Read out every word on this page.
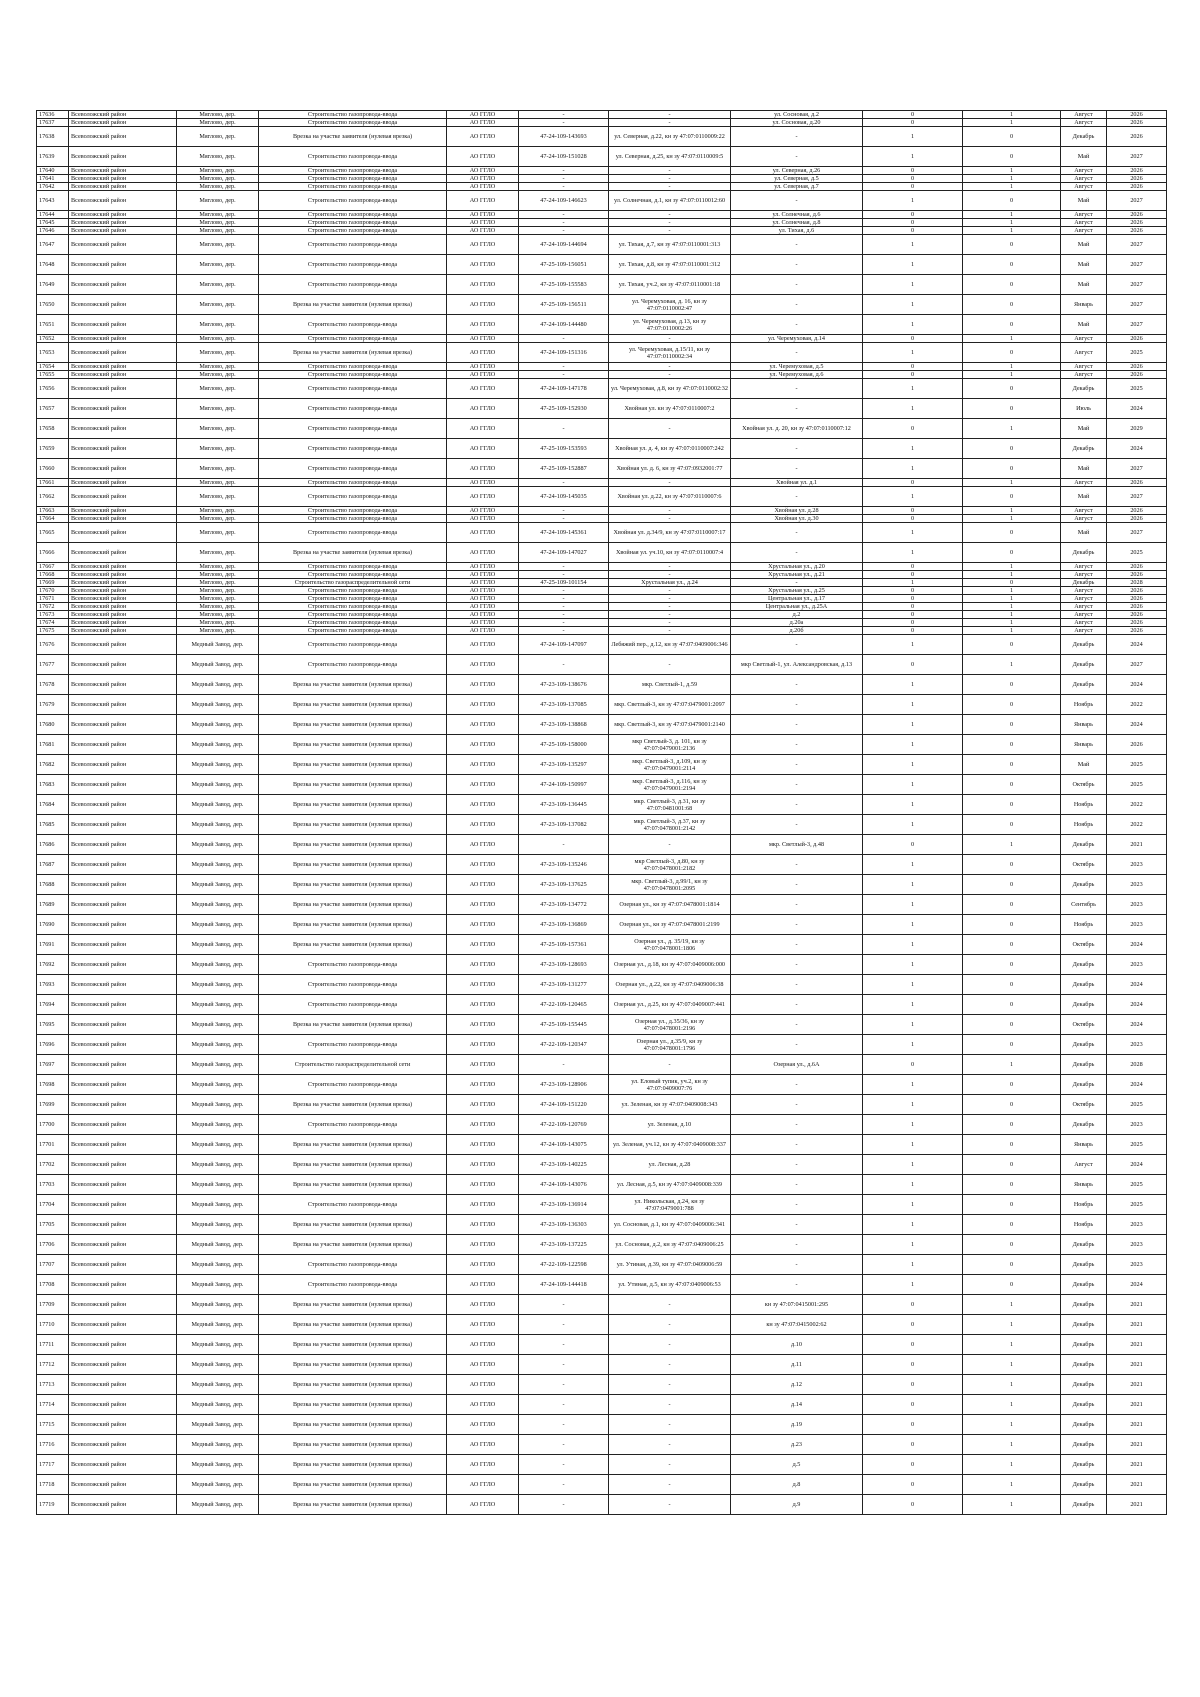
17636	Всеволожский район	Мяглово, дер.	Строительство газопровода-ввода	АО ГГЛО	-	-	ул. Сосновая, д.2	0	1	Август	2026
17637	Всеволожский район	Мяглово, дер.	Строительство газопровода-ввода	АО ГГЛО	-	-	ул. Сосновая, д.20	0	1	Август	2026
17638	Всеволожский район	Мяглово, дер.	Врезка на участке заявителя (нулевая врезка)	АО ГГЛО	47-24-109-143693	ул. Северная, д.22, кн зу 47:07:0110009:22	-	1	0	Декабрь	2026
17639	Всеволожский район	Мяглово, дер.	Строительство газопровода-ввода	АО ГГЛО	47-24-109-151028	ул. Северная, д.25, кн зу 47:07:0110009:5	-	1	0	Май	2027
17640	Всеволожский район	Мяглово, дер.	Строительство газопровода-ввода	АО ГГЛО	-	-	ул. Северная, д.26	0	1	Август	2026
17641	Всеволожский район	Мяглово, дер.	Строительство газопровода-ввода	АО ГГЛО	-	-	ул. Северная, д.5	0	1	Август	2026
17642	Всеволожский район	Мяглово, дер.	Строительство газопровода-ввода	АО ГГЛО	-	-	ул. Северная, д.7	0	1	Август	2026
17643	Всеволожский район	Мяглово, дер.	Строительство газопровода-ввода	АО ГГЛО	47-24-109-146623	ул. Солнечная, д.1, кн зу 47:07:0110012:60	-	1	0	Май	2027
17644	Всеволожский район	Мяглово, дер.	Строительство газопровода-ввода	АО ГГЛО	-	-	ул. Солнечная, д.6	0	1	Август	2026
17645	Всеволожский район	Мяглово, дер.	Строительство газопровода-ввода	АО ГГЛО	-	-	ул. Солнечная, д.8	0	1	Август	2026
17646	Всеволожский район	Мяглово, дер.	Строительство газопровода-ввода	АО ГГЛО	-	-	ул. Тихая, д.6	0	1	Август	2026
17647	Всеволожский район	Мяглово, дер.	Строительство газопровода-ввода	АО ГГЛО	47-24-109-144694	ул. Тихая, д.7, кн зу 47:07:0110001:313	-	1	0	Май	2027
17648	Всеволожский район	Мяглово, дер.	Строительство газопровода-ввода	АО ГГЛО	47-25-109-156051	ул. Тихая, д.8, кн зу 47:07:0110001:312	-	1	0	Май	2027
17649	Всеволожский район	Мяглово, дер.	Строительство газопровода-ввода	АО ГГЛО	47-25-109-155583	ул. Тихая, уч.2, кн зу 47:07:0110001:18	-	1	0	Май	2027
17650	Всеволожский район	Мяглово, дер.	Врезка на участке заявителя (нулевая врезка)	АО ГГЛО	47-25-109-156511	ул. Черемуховая, д. 16, кн зу 47:07:0110002:47	-	1	0	Январь	2027
17651	Всеволожский район	Мяглово, дер.	Строительство газопровода-ввода	АО ГГЛО	47-24-109-144480	ул. Черемуховая, д.13, кн зу 47:07:0110002:26	-	1	0	Май	2027
17652	Всеволожский район	Мяглово, дер.	Строительство газопровода-ввода	АО ГГЛО	-	-	ул. Черемуховая, д.14	0	1	Август	2026
17653	Всеволожский район	Мяглово, дер.	Врезка на участке заявителя (нулевая врезка)	АО ГГЛО	47-24-109-151316	ул. Черемуховая, д.15/11, кн зу 47:07:0110002:34	-	1	0	Август	2025
17654	Всеволожский район	Мяглово, дер.	Строительство газопровода-ввода	АО ГГЛО	-	-	ул. Черемуховая, д.5	0	1	Август	2026
17655	Всеволожский район	Мяглово, дер.	Строительство газопровода-ввода	АО ГГЛО	-	-	ул. Черемуховая, д.6	0	1	Август	2026
17656	Всеволожский район	Мяглово, дер.	Строительство газопровода-ввода	АО ГГЛО	47-24-109-147178	ул. Черемуховая, д.8, кн зу 47:07:0110002:32	-	1	0	Декабрь	2025
17657	Всеволожский район	Мяглово, дер.	Строительство газопровода-ввода	АО ГГЛО	47-25-109-152930	Хвойная ул. кн зу 47:07:0110007:2	-	1	0	Июль	2024
17658	Всеволожский район	Мяглово, дер.	Строительство газопровода-ввода	АО ГГЛО	-	-	Хвойная ул. д. 20, кн зу 47:07:0110007:12	0	1	Май	2029
17659	Всеволожский район	Мяглово, дер.	Строительство газопровода-ввода	АО ГГЛО	47-25-109-153593	Хвойная ул. д. 4, кн зу 47:07:0110007:242	-	1	0	Декабрь	2024
17660	Всеволожский район	Мяглово, дер.	Строительство газопровода-ввода	АО ГГЛО	47-25-109-152887	Хвойная ул. д. 6, кн зу 47:07:0932001:77	-	1	0	Май	2027
17661	Всеволожский район	Мяглово, дер.	Строительство газопровода-ввода	АО ГГЛО	-	-	Хвойная ул. д.1	0	1	Август	2026
17662	Всеволожский район	Мяглово, дер.	Строительство газопровода-ввода	АО ГГЛО	47-24-109-145035	Хвойная ул. д.22, кн зу 47:07:0110007:6	-	1	0	Май	2027
17663	Всеволожский район	Мяглово, дер.	Строительство газопровода-ввода	АО ГГЛО	-	-	Хвойная ул. д.28	0	1	Август	2026
17664	Всеволожский район	Мяглово, дер.	Строительство газопровода-ввода	АО ГГЛО	-	-	Хвойная ул. д.30	0	1	Август	2026
17665	Всеволожский район	Мяглово, дер.	Строительство газопровода-ввода	АО ГГЛО	47-24-109-145361	Хвойная ул. д.34/9, кн зу 47:07:0110007:17	-	1	0	Май	2027
17666	Всеволожский район	Мяглово, дер.	Врезка на участке заявителя (нулевая врезка)	АО ГГЛО	47-24-109-147027	Хвойная ул. уч.10, кн зу 47:07:0110007:4	-	1	0	Декабрь	2025
17667	Всеволожский район	Мяглово, дер.	Строительство газопровода-ввода	АО ГГЛО	-	-	Хрустальная ул., д.20	0	1	Август	2026
17668	Всеволожский район	Мяглово, дер.	Строительство газопровода-ввода	АО ГГЛО	-	-	Хрустальная ул., д.21	0	1	Август	2026
17669	Всеволожский район	Мяглово, дер.	Строительство газораспределительной сети	АО ГГЛО	47-25-109-101154	Хрустальная ул., д.24	-	1	0	Декабрь	2028
17670	Всеволожский район	Мяглово, дер.	Строительство газопровода-ввода	АО ГГЛО	-	-	Хрустальная ул., д.25	0	1	Август	2026
17671	Всеволожский район	Мяглово, дер.	Строительство газопровода-ввода	АО ГГЛО	-	-	Центральная ул., д.17	0	1	Август	2026
17672	Всеволожский район	Мяглово, дер.	Строительство газопровода-ввода	АО ГГЛО	-	-	Центральная ул., д.25А	0	1	Август	2026
17673	Всеволожский район	Мяглово, дер.	Строительство газопровода-ввода	АО ГГЛО	-	-	д.2	0	1	Август	2026
17674	Всеволожский район	Мяглово, дер.	Строительство газопровода-ввода	АО ГГЛО	-	-	д.20а	0	1	Август	2026
17675	Всеволожский район	Мяглово, дер.	Строительство газопровода-ввода	АО ГГЛО	-	-	д.20б	0	1	Август	2026
17676	Всеволожский район	Медный Завод, дер.	Строительство газопровода-ввода	АО ГГЛО	47-24-109-147097	Лебяжий пер., д.12, кн зу 47:07:0409006:346	-	1	0	Декабрь	2024
17677	Всеволожский район	Медный Завод, дер.	Строительство газопровода-ввода	АО ГГЛО	-	-	мкр Светлый-1, ул. Александровская, д.13	0	1	Декабрь	2027
17678	Всеволожский район	Медный Завод, дер.	Врезка на участке заявителя (нулевая врезка)	АО ГГЛО	47-23-109-138676	мкр. Светлый-1, д.59	-	1	0	Декабрь	2024
17679	Всеволожский район	Медный Завод, дер.	Врезка на участке заявителя (нулевая врезка)	АО ГГЛО	47-23-109-137085	мкр. Светлый-3, кн зу 47:07:0479001:2097	-	1	0	Ноябрь	2022
17680	Всеволожский район	Медный Завод, дер.	Врезка на участке заявителя (нулевая врезка)	АО ГГЛО	47-23-109-138868	мкр. Светлый-3, кн зу 47:07:0479001:2140	-	1	0	Январь	2024
17681	Всеволожский район	Медный Завод, дер.	Врезка на участке заявителя (нулевая врезка)	АО ГГЛО	47-25-109-158000	мкр Светлый-3, д. 101, кн зу 47:07:0479001:2136	-	1	0	Январь	2026
17682	Всеволожский район	Медный Завод, дер.	Врезка на участке заявителя (нулевая врезка)	АО ГГЛО	47-23-109-135297	мкр. Светлый-3, д.109, кн зу 47:07:0479001:2114	-	1	0	Май	2025
17683	Всеволожский район	Медный Завод, дер.	Врезка на участке заявителя (нулевая врезка)	АО ГГЛО	47-24-109-150997	мкр. Светлый-3, д.116, кн зу 47:07:0479001:2194	-	1	0	Октябрь	2025
17684	Всеволожский район	Медный Завод, дер.	Врезка на участке заявителя (нулевая врезка)	АО ГГЛО	47-23-109-136445	мкр. Светлый-3, д.31, кн зу 47:07:0481001:68	-	1	0	Ноябрь	2022
17685	Всеволожский район	Медный Завод, дер.	Врезка на участке заявителя (нулевая врезка)	АО ГГЛО	47-23-109-137082	мкр. Светлый-3, д.37, кн зу 47:07:0478001:2142	-	1	0	Ноябрь	2022
17686	Всеволожский район	Медный Завод, дер.	Врезка на участке заявителя (нулевая врезка)	АО ГГЛО	-	-	мкр. Светлый-3, д.48	0	1	Декабрь	2021
17687	Всеволожский район	Медный Завод, дер.	Врезка на участке заявителя (нулевая врезка)	АО ГГЛО	47-23-109-135246	мкр Светлый-3, д.80, кн зу 47:07:0478001:2182	-	1	0	Октябрь	2023
17688	Всеволожский район	Медный Завод, дер.	Врезка на участке заявителя (нулевая врезка)	АО ГГЛО	47-23-109-137625	мкр. Светлый-3, д.99/1, кн зу 47:07:0478001:2095	-	1	0	Декабрь	2023
17689	Всеволожский район	Медный Завод, дер.	Врезка на участке заявителя (нулевая врезка)	АО ГГЛО	47-23-109-134772	Озерная ул., кн зу 47:07:0478001:1814	-	1	0	Сентябрь	2023
17690	Всеволожский район	Медный Завод, дер.	Врезка на участке заявителя (нулевая врезка)	АО ГГЛО	47-23-109-136869	Озерная ул., кн зу 47:07:0478001:2199	-	1	0	Ноябрь	2023
17691	Всеволожский район	Медный Завод, дер.	Врезка на участке заявителя (нулевая врезка)	АО ГГЛО	47-25-109-157361	Озерная ул., д. 35/19, кн зу 47:07:0478001:1806	-	1	0	Октябрь	2024
17692	Всеволожский район	Медный Завод, дер.	Строительство газопровода-ввода	АО ГГЛО	47-23-109-128693	Озерная ул., д.18, кн зу 47:07:0409006:000	-	1	0	Декабрь	2023
17693	Всеволожский район	Медный Завод, дер.	Строительство газопровода-ввода	АО ГГЛО	47-23-109-131277	Озерная ул., д.22, кн зу 47:07:0409006:38	-	1	0	Декабрь	2024
17694	Всеволожский район	Медный Завод, дер.	Строительство газопровода-ввода	АО ГГЛО	47-22-109-120465	Озерная ул., д.25, кн зу 47:07:0409007:441	-	1	0	Декабрь	2024
17695	Всеволожский район	Медный Завод, дер.	Врезка на участке заявителя (нулевая врезка)	АО ГГЛО	47-25-109-155445	Озерная ул., д.35/36, кн зу 47:07:0478001:2196	-	1	0	Октябрь	2024
17696	Всеволожский район	Медный Завод, дер.	Строительство газопровода-ввода	АО ГГЛО	47-22-109-120347	Озерная ул., д.35/9, кн зу 47:07:0478001:1796	-	1	0	Декабрь	2023
17697	Всеволожский район	Медный Завод, дер.	Строительство газораспределительной сети	АО ГГЛО	-	-	Озерная ул., д.6А	0	1	Декабрь	2028
17698	Всеволожский район	Медный Завод, дер.	Строительство газопровода-ввода	АО ГГЛО	47-23-109-128906	ул. Еловый тупик, уч.2, кн зу 47:07:0409007:76	-	1	0	Декабрь	2024
17699	Всеволожский район	Медный Завод, дер.	Врезка на участке заявителя (нулевая врезка)	АО ГГЛО	47-24-109-151220	ул. Зеленая, кн зу 47:07:0409008:343	-	1	0	Октябрь	2025
17700	Всеволожский район	Медный Завод, дер.	Строительство газопровода-ввода	АО ГГЛО	47-22-109-120769	ул. Зеленая, д.10	-	1	0	Декабрь	2023
17701	Всеволожский район	Медный Завод, дер.	Врезка на участке заявителя (нулевая врезка)	АО ГГЛО	47-24-109-143075	ул. Зеленая, уч.12, кн зу 47:07:0409008:337	-	1	0	Январь	2025
17702	Всеволожский район	Медный Завод, дер.	Врезка на участке заявителя (нулевая врезка)	АО ГГЛО	47-23-109-140225	ул. Лесная, д.28	-	1	0	Август	2024
17703	Всеволожский район	Медный Завод, дер.	Врезка на участке заявителя (нулевая врезка)	АО ГГЛО	47-24-109-143076	ул. Лесная, д.5, кн зу 47:07:0409008:339	-	1	0	Январь	2025
17704	Всеволожский район	Медный Завод, дер.	Строительство газопровода-ввода	АО ГГЛО	47-23-109-136914	ул. Никольская, д.24, кн зу 47:07:0479001:788	-	1	0	Ноябрь	2025
17705	Всеволожский район	Медный Завод, дер.	Врезка на участке заявителя (нулевая врезка)	АО ГГЛО	47-23-109-136303	ул. Сосновая, д.1, кн зу 47:07:0409006:341	-	1	0	Ноябрь	2023
17706	Всеволожский район	Медный Завод, дер.	Врезка на участке заявителя (нулевая врезка)	АО ГГЛО	47-23-109-137225	ул. Сосновая, д.2, кн зу 47:07:0409006:25	-	1	0	Декабрь	2023
17707	Всеволожский район	Медный Завод, дер.	Строительство газопровода-ввода	АО ГГЛО	47-22-109-122598	ул. Утиная, д.39, кн зу 47:07:0409006:59	-	1	0	Декабрь	2023
17708	Всеволожский район	Медный Завод, дер.	Строительство газопровода-ввода	АО ГГЛО	47-24-109-144418	ул. Утиная, д.5, кн зу 47:07:0409006:53	-	1	0	Декабрь	2024
17709	Всеволожский район	Медный Завод, дер.	Врезка на участке заявителя (нулевая врезка)	АО ГГЛО	-	-	кн зу 47:07:0415001:295	0	1	Декабрь	2021
17710	Всеволожский район	Медный Завод, дер.	Врезка на участке заявителя (нулевая врезка)	АО ГГЛО	-	-	кн зу 47:07:0415002:62	0	1	Декабрь	2021
17711	Всеволожский район	Медный Завод, дер.	Врезка на участке заявителя (нулевая врезка)	АО ГГЛО	-	-	д.10	0	1	Декабрь	2021
17712	Всеволожский район	Медный Завод, дер.	Врезка на участке заявителя (нулевая врезка)	АО ГГЛО	-	-	д.11	0	1	Декабрь	2021
17713	Всеволожский район	Медный Завод, дер.	Врезка на участке заявителя (нулевая врезка)	АО ГГЛО	-	-	д.12	0	1	Декабрь	2021
17714	Всеволожский район	Медный Завод, дер.	Врезка на участке заявителя (нулевая врезка)	АО ГГЛО	-	-	д.14	0	1	Декабрь	2021
17715	Всеволожский район	Медный Завод, дер.	Врезка на участке заявителя (нулевая врезка)	АО ГГЛО	-	-	д.19	0	1	Декабрь	2021
17716	Всеволожский район	Медный Завод, дер.	Врезка на участке заявителя (нулевая врезка)	АО ГГЛО	-	-	д.23	0	1	Декабрь	2021
17717	Всеволожский район	Медный Завод, дер.	Врезка на участке заявителя (нулевая врезка)	АО ГГЛО	-	-	д.5	0	1	Декабрь	2021
17718	Всеволожский район	Медный Завод, дер.	Врезка на участке заявителя (нулевая врезка)	АО ГГЛО	-	-	д.8	0	1	Декабрь	2021
17719	Всеволожский район	Медный Завод, дер.	Врезка на участке заявителя (нулевая врезка)	АО ГГЛО	-	-	д.9	0	1	Декабрь	2021
